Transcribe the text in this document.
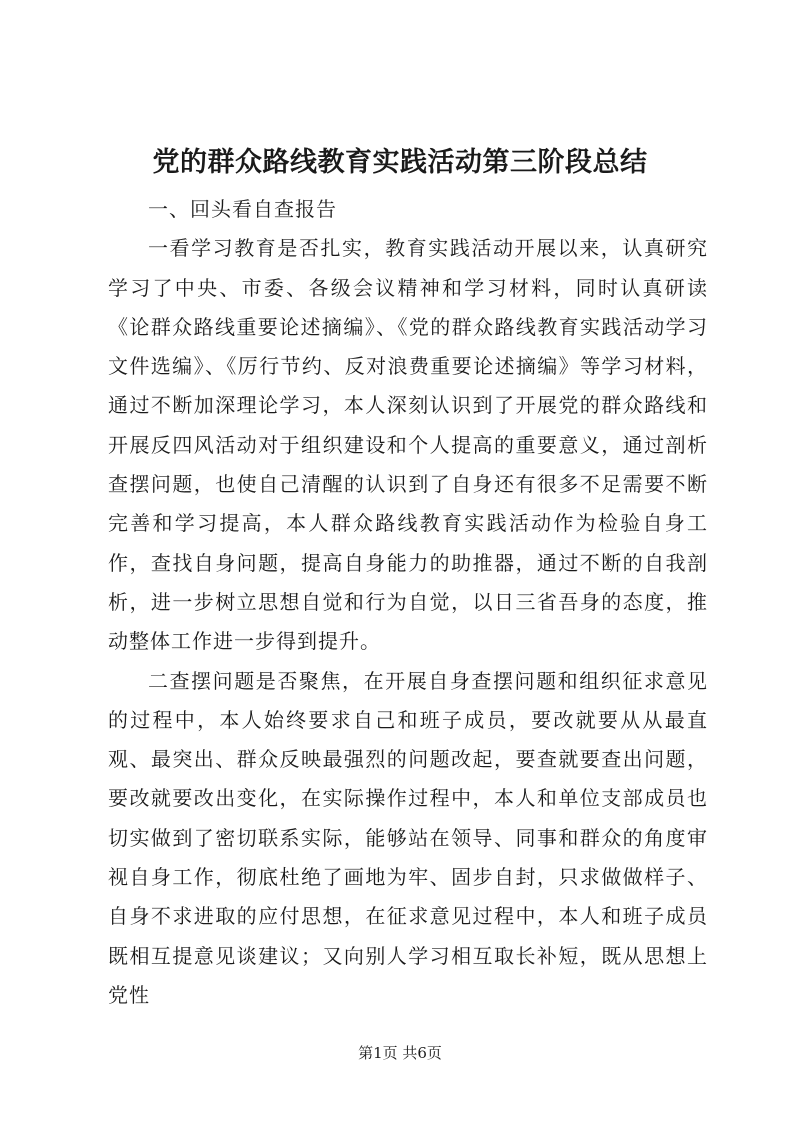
党的群众路线教育实践活动第三阶段总结

一、回头看自查报告

一看学习教育是否扎实，教育实践活动开展以来，认真研究学习了中央、市委、各级会议精神和学习材料，同时认真研读《论群众路线重要论述摘编》、《党的群众路线教育实践活动学习文件选编》、《厉行节约、反对浪费重要论述摘编》等学习材料，通过不断加深理论学习，本人深刻认识到了开展党的群众路线和开展反四风活动对于组织建设和个人提高的重要意义，通过剖析查摆问题，也使自己清醒的认识到了自身还有很多不足需要不断完善和学习提高，本人群众路线教育实践活动作为检验自身工作，查找自身问题，提高自身能力的助推器，通过不断的自我剖析，进一步树立思想自觉和行为自觉，以日三省吾身的态度，推动整体工作进一步得到提升。

二查摆问题是否聚焦，在开展自身查摆问题和组织征求意见的过程中，本人始终要求自己和班子成员，要改就要从从最直观、最突出、群众反映最强烈的问题改起，要查就要查出问题，要改就要改出变化，在实际操作过程中，本人和单位支部成员也切实做到了密切联系实际，能够站在领导、同事和群众的角度审视自身工作，彻底杜绝了画地为牢、固步自封，只求做做样子、自身不求进取的应付思想，在征求意见过程中，本人和班子成员既相互提意见谈建议；又向别人学习相互取长补短，既从思想上党性

第1页 共6页
